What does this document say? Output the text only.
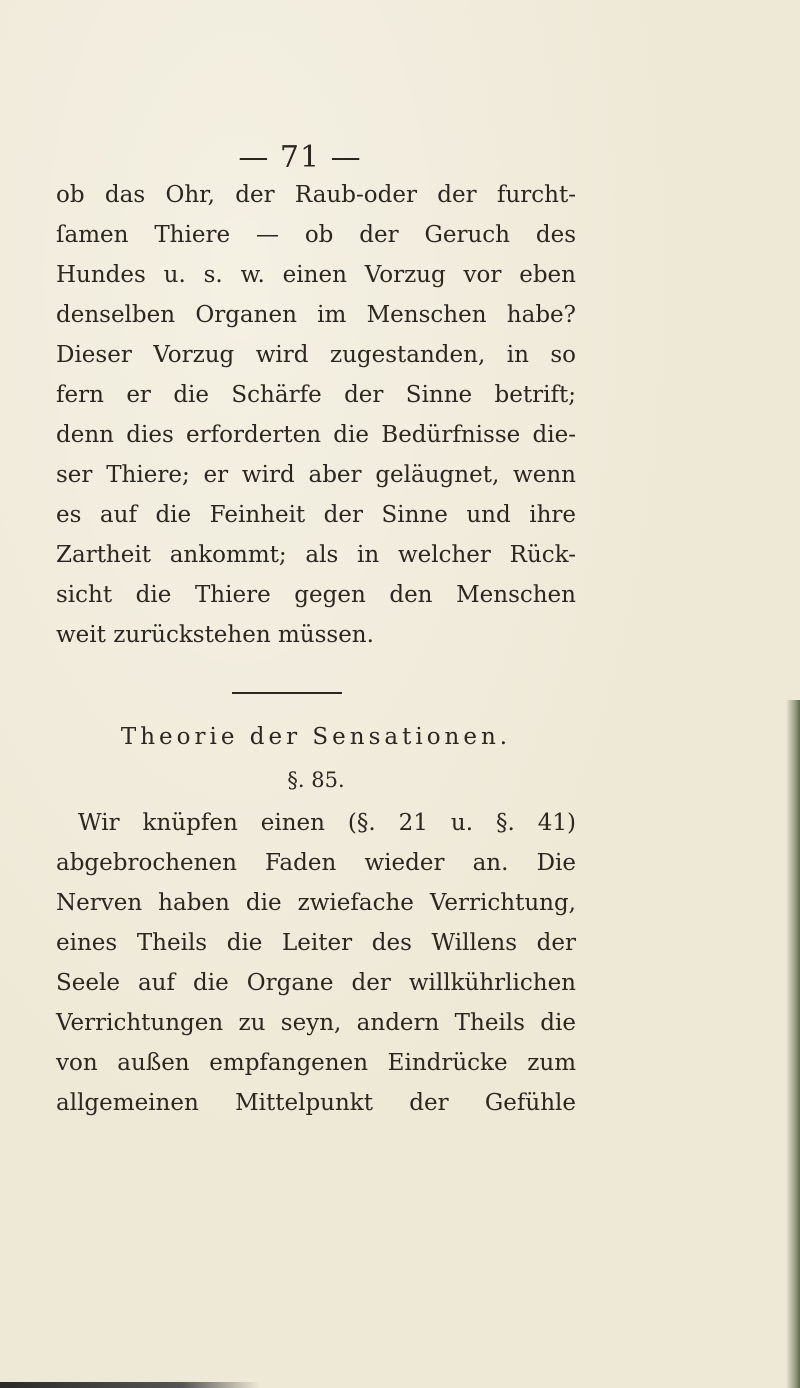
— 71 —
ob das Ohr, der Raub-oder der furcht-
ſamen Thiere — ob der Geruch des
Hundes u. s. w. einen Vorzug vor eben
denselben Organen im Menschen habe?
Dieser Vorzug wird zugestanden, in so
fern er die Schärfe der Sinne betrift;
denn dies erforderten die Bedürfnisse die-
ser Thiere; er wird aber geläugnet, wenn
es auf die Feinheit der Sinne und ihre
Zartheit ankommt; als in welcher Rück-
sicht die Thiere gegen den Menschen
weit zurückstehen müssen.
Theorie der Sensationen.
§. 85.
Wir knüpfen einen (§. 21 u. §. 41)
abgebrochenen Faden wieder an. Die
Nerven haben die zwiefache Verrichtung,
eines Theils die Leiter des Willens der
Seele auf die Organe der willkührlichen
Verrichtungen zu seyn, andern Theils die
von außen empfangenen Eindrücke zum
allgemeinen Mittelpunkt der Gefühle
